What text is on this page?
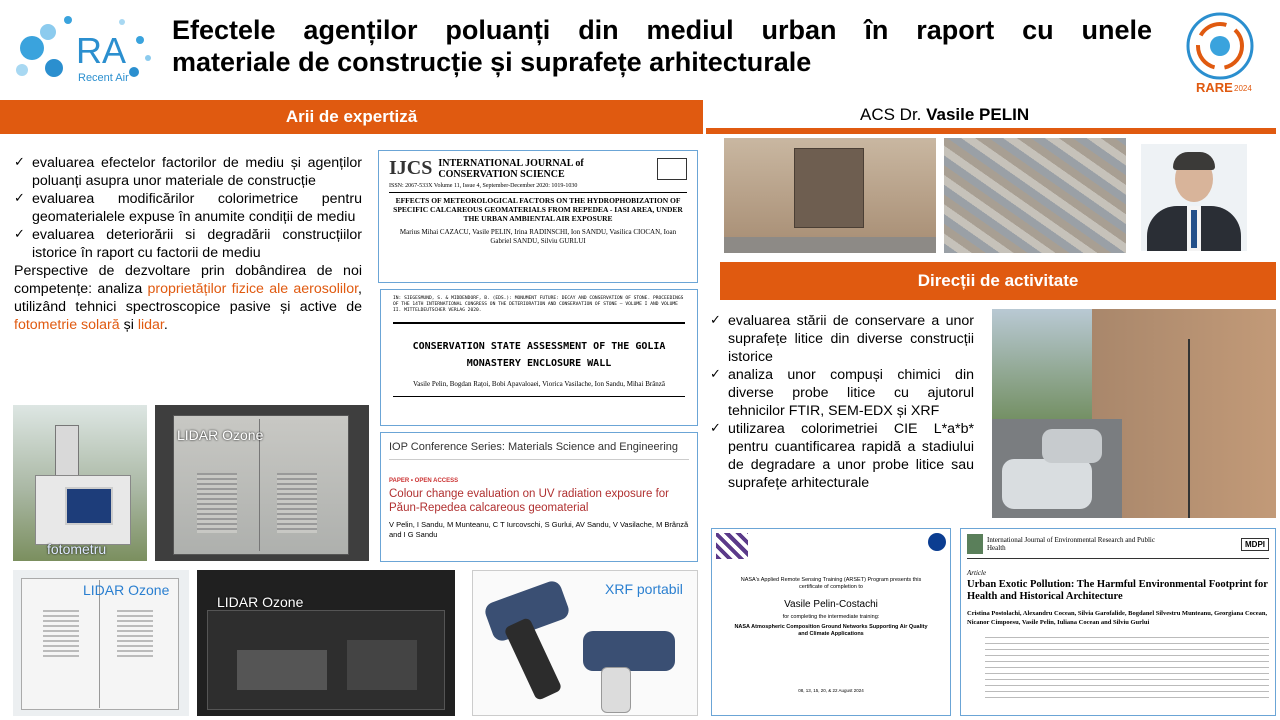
RA
Recent Air
Efectele agenților poluanți din mediul urban în raport cu unele
materiale de construcție și suprafețe arhitecturale
RARE 2024
Arii de expertiză
✓ evaluarea efectelor factorilor de mediu și agenților poluanți asupra unor materiale de construcție
✓ evaluarea modificărilor colorimetrice pentru geomaterialele expuse în anumite condiții de mediu
✓ evaluarea deteriorării si degradării construcțiilor istorice în raport cu factorii de mediu

Perspective de dezvoltare prin dobândirea de noi competențe: analiza proprietăților fizice ale aerosolilor, utilizând tehnici spectroscopice pasive și active de fotometrie solară și lidar.

IJCS INTERNATIONAL JOURNAL of CONSERVATION SCIENCE
ISSN: 2067-533X Volume 11, Issue 4, September-December 2020: 1019-1030
EFFECTS OF METEOROLOGICAL FACTORS ON THE HYDROPHOBIZATION OF SPECIFIC CALCAREOUS GEOMATERIALS FROM REPEDEA - IASI AREA, UNDER THE URBAN AMBIENTAL AIR EXPOSURE
Marius Mihai CAZACU, Vasile PELIN, Irina RADINSCHI, Ion SANDU, Vasilica CIOCAN, Ioan Gabriel SANDU, Silviu GURLUI
IN: SIEGESMUND, S. & MIDDENDORF, B. (EDS.): MONUMENT FUTURE: DECAY AND CONSERVATION OF STONE. PROCEEDINGS OF THE 14TH INTERNATIONAL CONGRESS ON THE DETERIORATION AND CONSERVATION OF STONE – VOLUME I AND VOLUME II. MITTELDEUTSCHER VERLAG 2020.
CONSERVATION STATE ASSESSMENT OF THE GOLIA MONASTERY ENCLOSURE WALL
Vasile Pelin, Bogdan Rațoi, Bobi Apavaloaei, Viorica Vasilache, Ion Sandu, Mihai Brânză
IOP Conference Series: Materials Science and Engineering
PAPER • OPEN ACCESS
Colour change evaluation on UV radiation exposure for Păun-Repedea calcareous geomaterial
V Pelin, I Sandu, M Munteanu, C T Iurcovschi, S Gurlui, AV Sandu, V Vasilache, M Brânză and I G Sandu
fotometru
LIDAR Ozone
LIDAR Ozone
LIDAR Ozone
XRF portabil
ACS Dr. Vasile PELIN
Direcții de activitate
✓ evaluarea stării de conservare a unor suprafețe litice din diverse construcții istorice
✓ analiza unor compuși chimici din diverse probe litice cu ajutorul tehnicilor FTIR, SEM-EDX și XRF
✓ utilizarea colorimetriei CIE L*a*b* pentru cuantificarea rapidă a stadiului de degradare a unor probe litice sau suprafețe arhitecturale
NASA's Applied Remote Sensing Training (ARSET) Program presents this certificate of completion to
Vasile Pelin-Costachi
for completing the intermediate training:
NASA Atmospheric Composition Ground Networks Supporting Air Quality and Climate Applications
08, 13, 15, 20, & 22 August 2024
International Journal of Environmental Research and Public Health	MDPI
Article
Urban Exotic Pollution: The Harmful Environmental Footprint for Health and Historical Architecture
Cristina Postolachi, Alexandru Cocean, Silvia Garofalide, Bogdanel Silvestru Munteanu, Georgiana Cocean, Nicanor Cimpoesu, Vasile Pelin, Iuliana Cocean and Silviu Gurlui
